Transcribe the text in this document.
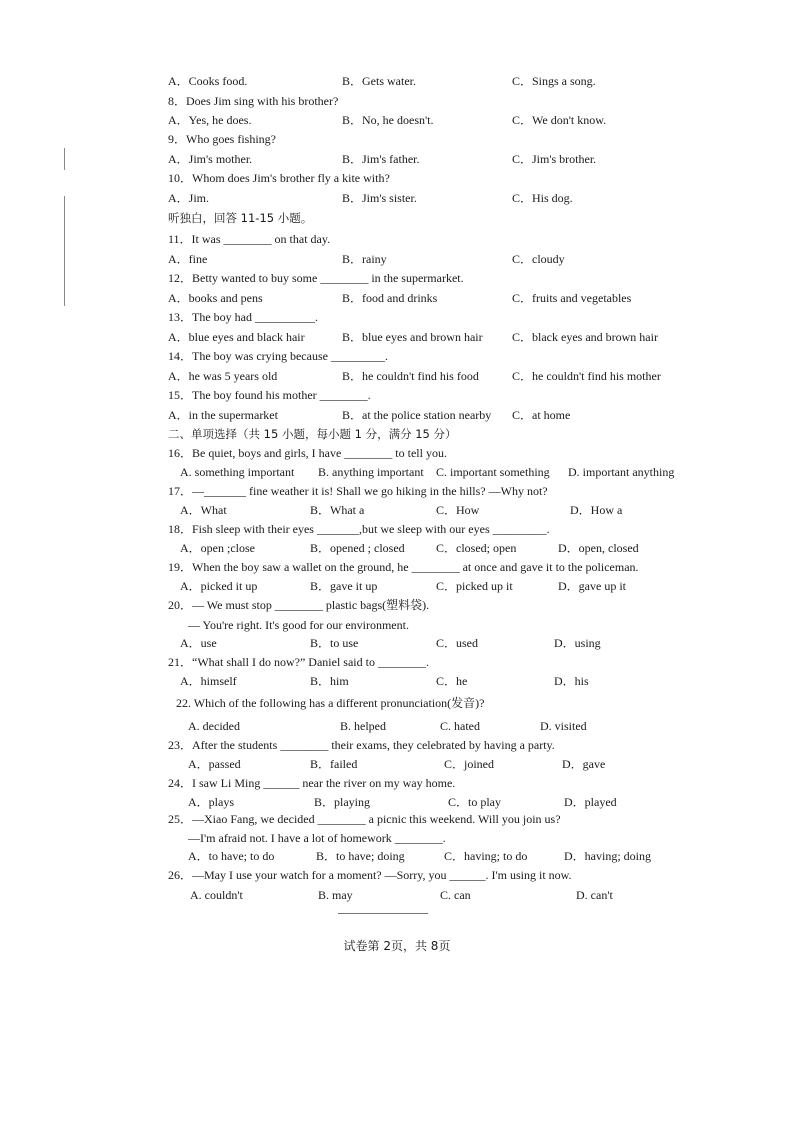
A．Cooks food.	B．Gets water.	C．Sings a song.
8．Does Jim sing with his brother?
A．Yes, he does.	B．No, he doesn't.	C．We don't know.
9．Who goes fishing?
A．Jim's mother.	B．Jim's father.	C．Jim's brother.
10．Whom does Jim's brother fly a kite with?
A．Jim.	B．Jim's sister.	C．His dog.
听独白，回答 11-15 小题。
11．It was ________ on that day.
A．fine	B．rainy	C．cloudy
12．Betty wanted to buy some ________ in the supermarket.
A．books and pens	B．food and drinks	C．fruits and vegetables
13．The boy had __________.
A．blue eyes and black hair	B．blue eyes and brown hair C．black eyes and brown hair
14．The boy was crying because _________.
A．he was 5 years old	B．he couldn't find his food	C．he couldn't find his mother
15．The boy found his mother ________.
A．in the supermarket	B．at the police station nearby C．at home
二、单项选择（共 15 小题，每小题 1 分，满分 15 分）
16．Be quiet, boys and girls, I have ________ to tell you.
A. something important B. anything important C. important something D. important anything
17．—_______ fine weather it is! Shall we go hiking in the hills? —Why not?
A．What	B．What a	C．How	D．How a
18．Fish sleep with their eyes _______,but we sleep with our eyes _________.
A．open ;close	B．opened ; closed	C．closed; open	D．open, closed
19．When the boy saw a wallet on the ground, he ________ at once and gave it to the policeman.
A．picked it up	B．gave it up	C．picked up it	D．gave up it
20．— We must stop ________ plastic bags(塑料袋).
— You're right. It's good for our environment.
A．use	B．to use	C．used	D．using
21．“What shall I do now?” Daniel said to ________.
A．himself	B．him	C．he	D．his
22. Which of the following has a different pronunciation(发音)?
A. decided	B. helped	C. hated	D. visited
23．After the students ________ their exams, they celebrated by having a party.
A．passed	B．failed	C．joined	D．gave
24．I saw Li Ming ______ near the river on my way home.
A．plays	B．playing	C．to play	D．played
25．—Xiao Fang, we decided ________ a picnic this weekend. Will you join us?
—I'm afraid not. I have a lot of homework ________.
A．to have; to do	B．to have; doing	C．having; to do	D．having; doing
26．—May I use your watch for a moment? —Sorry, you ______. I'm using it now.
A. couldn't	B. may	C. can	D. can't
试卷第 2页，共 8页
